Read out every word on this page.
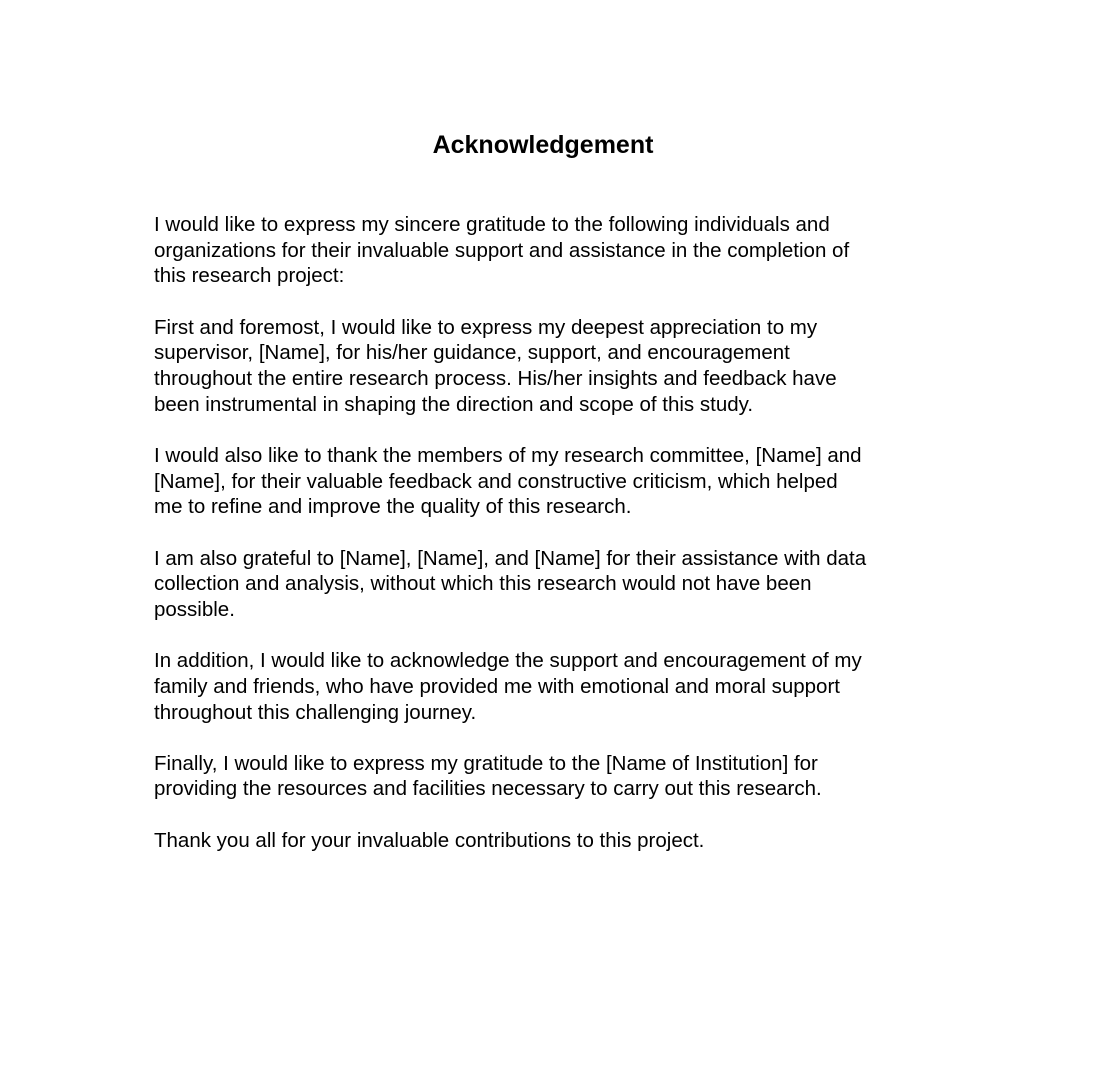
Acknowledgement

I would like to express my sincere gratitude to the following individuals and
organizations for their invaluable support and assistance in the completion of
this research project:

First and foremost, I would like to express my deepest appreciation to my
supervisor, [Name], for his/her guidance, support, and encouragement
throughout the entire research process. His/her insights and feedback have
been instrumental in shaping the direction and scope of this study.

I would also like to thank the members of my research committee, [Name] and
[Name], for their valuable feedback and constructive criticism, which helped
me to refine and improve the quality of this research.

I am also grateful to [Name], [Name], and [Name] for their assistance with data
collection and analysis, without which this research would not have been
possible.

In addition, I would like to acknowledge the support and encouragement of my
family and friends, who have provided me with emotional and moral support
throughout this challenging journey.

Finally, I would like to express my gratitude to the [Name of Institution] for
providing the resources and facilities necessary to carry out this research.

Thank you all for your invaluable contributions to this project.
